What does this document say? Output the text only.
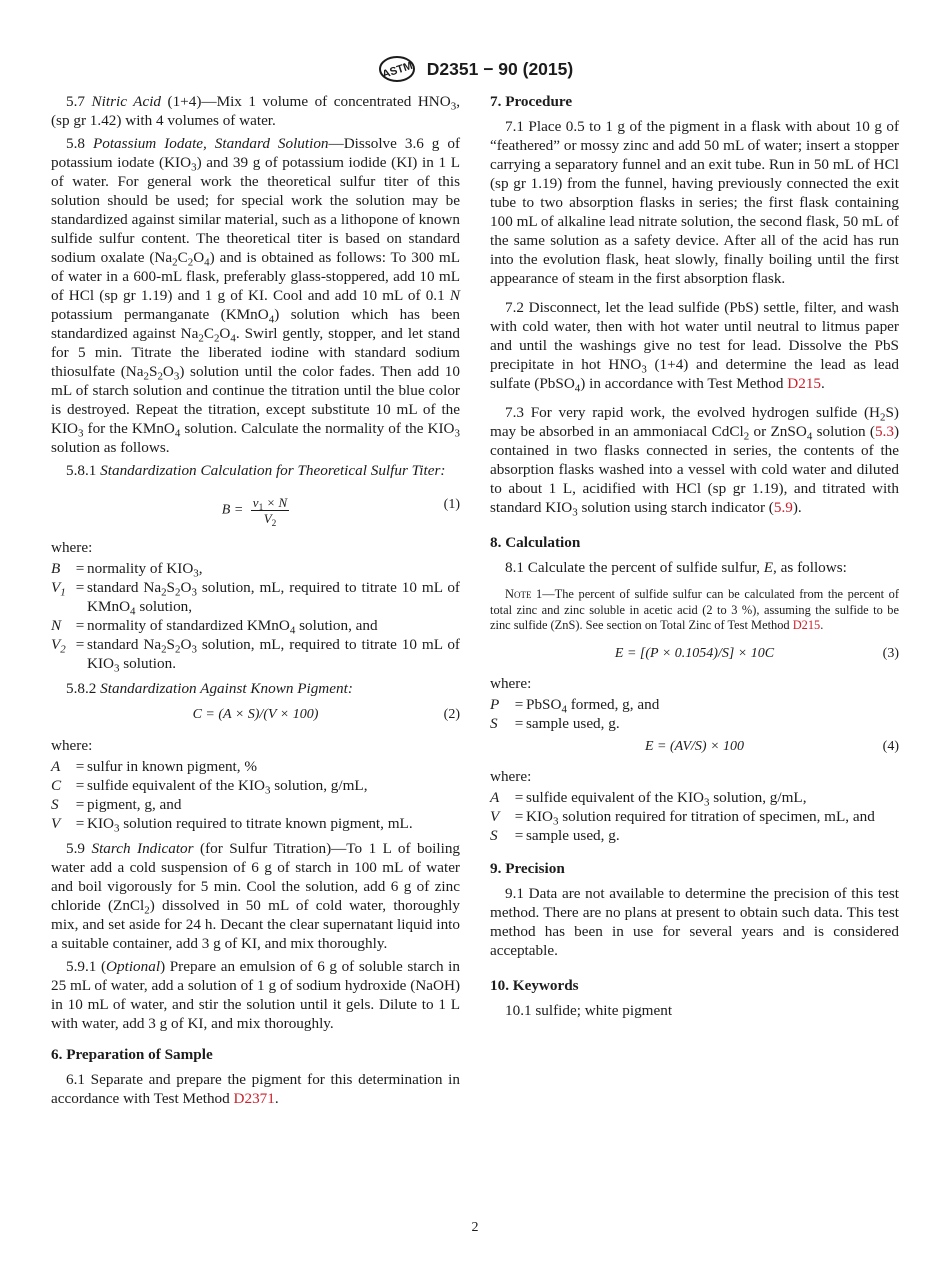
ASTM D2351 − 90 (2015)

5.7 Nitric Acid (1+4)—Mix 1 volume of concentrated $HNO_3$, (sp gr 1.42) with 4 volumes of water.

5.8 Potassium Iodate, Standard Solution—Dissolve 3.6 g of potassium iodate $(KIO_3)$ and 39 g of potassium iodide (KI) in 1 L of water. For general work the theoretical sulfur titer of this solution should be used; for special work the solution may be standardized against similar material, such as a lithopone of known sulfide sulfur content. The theoretical titer is based on standard sodium oxalate $(Na_2C_2O_4)$ and is obtained as follows: To 300 mL of water in a 600-mL flask, preferably glass-stoppered, add 10 mL of HCl (sp gr 1.19) and 1 g of KI. Cool and add 10 mL of 0.1 N potassium permanganate (KMnO$_4$) solution which has been standardized against $Na_2C_2O_4$. Swirl gently, stopper, and let stand for 5 min. Titrate the liberated iodine with standard sodium thiosulfate $(Na_2S_2O_3)$ solution until the color fades. Then add 10 mL of starch solution and continue the titration until the blue color is destroyed. Repeat the titration, except substitute 10 mL of the $KIO_3$ for the KMnO$_4$ solution. Calculate the normality of the $KIO_3$ solution as follows.

5.8.1 Standardization Calculation for Theoretical Sulfur Titer:

$B = \frac{v_1 \times N}{V_2}$	(1)
where:
B	= normality of $KIO_3$,
$V_1$ = standard $Na_2S_2O_3$ solution, mL, required to titrate 10 mL of KMnO$_4$ solution,
N = normality of standardized KMnO$_4$ solution, and
$V_2$ = standard $Na_2S_2O_3$ solution, mL, required to titrate 10 mL of $KIO_3$ solution.

5.8.2 Standardization Against Known Pigment:

C = (A × S)/(V × 100)	(2)
where:
A	= sulfur in known pigment, %
C = sulfide equivalent of the $KIO_3$ solution, g/mL,
S	= pigment, g, and
V	= $KIO_3$ solution required to titrate known pigment, mL.

5.9 Starch Indicator (for Sulfur Titration)—To 1 L of boiling water add a cold suspension of 6 g of starch in 100 mL of water and boil vigorously for 5 min. Cool the solution, add 6 g of zinc chloride (ZnCl$_2$) dissolved in 50 mL of cold water, thoroughly mix, and set aside for 24 h. Decant the clear supernatant liquid into a suitable container, add 3 g of KI, and mix thoroughly.

5.9.1 (Optional) Prepare an emulsion of 6 g of soluble starch in 25 mL of water, add a solution of 1 g of sodium hydroxide (NaOH) in 10 mL of water, and stir the solution until it gels. Dilute to 1 L with water, add 3 g of KI, and mix thoroughly.

6. Preparation of Sample

6.1 Separate and prepare the pigment for this determination in accordance with Test Method D2371.

7. Procedure

7.1 Place 0.5 to 1 g of the pigment in a flask with about 10 g of “feathered” or mossy zinc and add 50 mL of water; insert a stopper carrying a separatory funnel and an exit tube. Run in 50 mL of HCl (sp gr 1.19) from the funnel, having previously connected the exit tube to two absorption flasks in series; the first flask containing 100 mL of alkaline lead nitrate solution, the second flask, 50 mL of the same solution as a safety device. After all of the acid has run into the evolution flask, heat slowly, finally boiling until the first appearance of steam in the first absorption flask.

7.2 Disconnect, let the lead sulfide (PbS) settle, filter, and wash with cold water, then with hot water until neutral to litmus paper and until the washings give no test for lead. Dissolve the PbS precipitate in hot $HNO_3$ (1+4) and determine the lead as lead sulfate (PbSO$_4$) in accordance with Test Method D215.

7.3 For very rapid work, the evolved hydrogen sulfide $(H_2S)$ may be absorbed in an ammoniacal CdCl$_2$ or ZnSO$_4$ solution (5.3) contained in two flasks connected in series, the contents of the absorption flasks washed into a vessel with cold water and diluted to about 1 L, acidified with HCl (sp gr 1.19), and titrated with standard $KIO_3$ solution using starch indicator (5.9).

8. Calculation

8.1 Calculate the percent of sulfide sulfur, E, as follows:

Note 1—The percent of sulfide sulfur can be calculated from the percent of total zinc and zinc soluble in acetic acid (2 to 3 %), assuming the sulfide to be zinc sulfide (ZnS). See section on Total Zinc of Test Method D215.
E = [(P × 0.1054)/S] × 10C	(3)
where:
P	= PbSO$_4$ formed, g, and
S	= sample used, g.
E = (AV/S) × 100	(4)
where:
A	= sulfide equivalent of the $KIO_3$ solution, g/mL,
V	= $KIO_3$ solution required for titration of specimen, mL, and
S	= sample used, g.
9. Precision

9.1 Data are not available to determine the precision of this test method. There are no plans at present to obtain such data. This test method has been in use for several years and is considered acceptable.

10. Keywords

10.1 sulfide; white pigment

2
